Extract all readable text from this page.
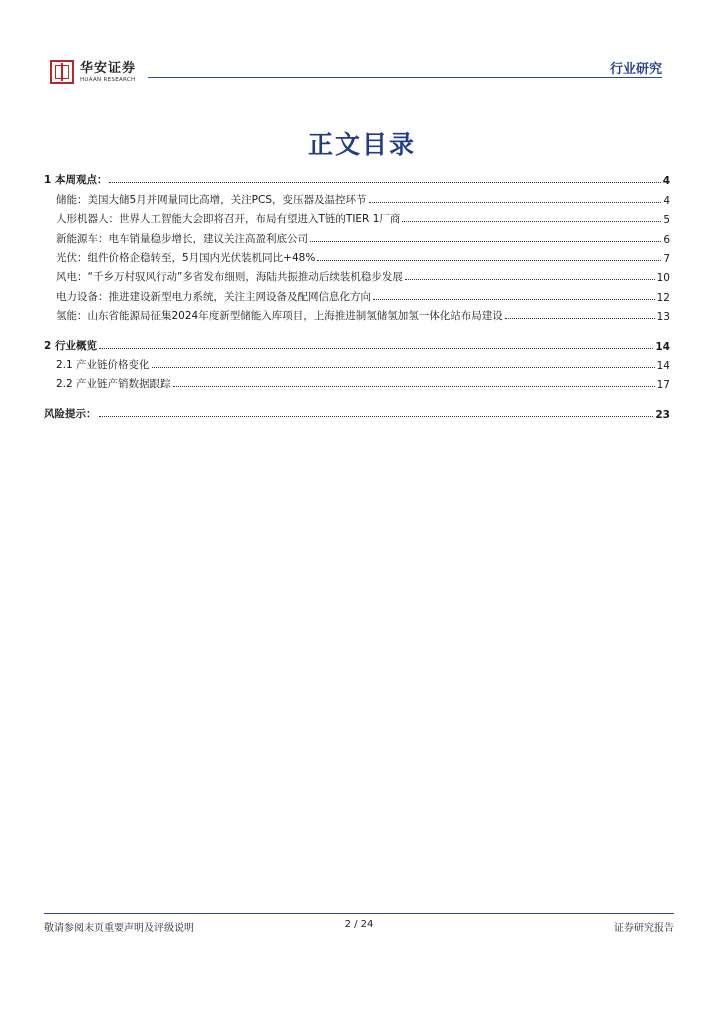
华安证券
HUAAN RESEARCH
行业研究
正文目录
1 本周观点：	4
储能：美国大储5月并网量同比高增，关注PCS，变压器及温控环节	4
人形机器人：世界人工智能大会即将召开，布局有望进入T链的TIER 1厂商	5
新能源车：电车销量稳步增长，建议关注高盈利底公司	6
光伏：组件价格企稳转至，5月国内光伏装机同比+48%	7
风电：“千乡万村驭风行动”多省发布细则，海陆共振推动后续装机稳步发展	10
电力设备：推进建设新型电力系统，关注主网设备及配网信息化方向	12
氢能：山东省能源局征集2024年度新型储能入库项目，上海推进制氢储氢加氢一体化站布局建设	13
2 行业概览	14
2.1 产业链价格变化	14
2.2 产业链产销数据跟踪	17
风险提示：	23
敬请参阅末页重要声明及评级说明	2 / 24	证券研究报告
